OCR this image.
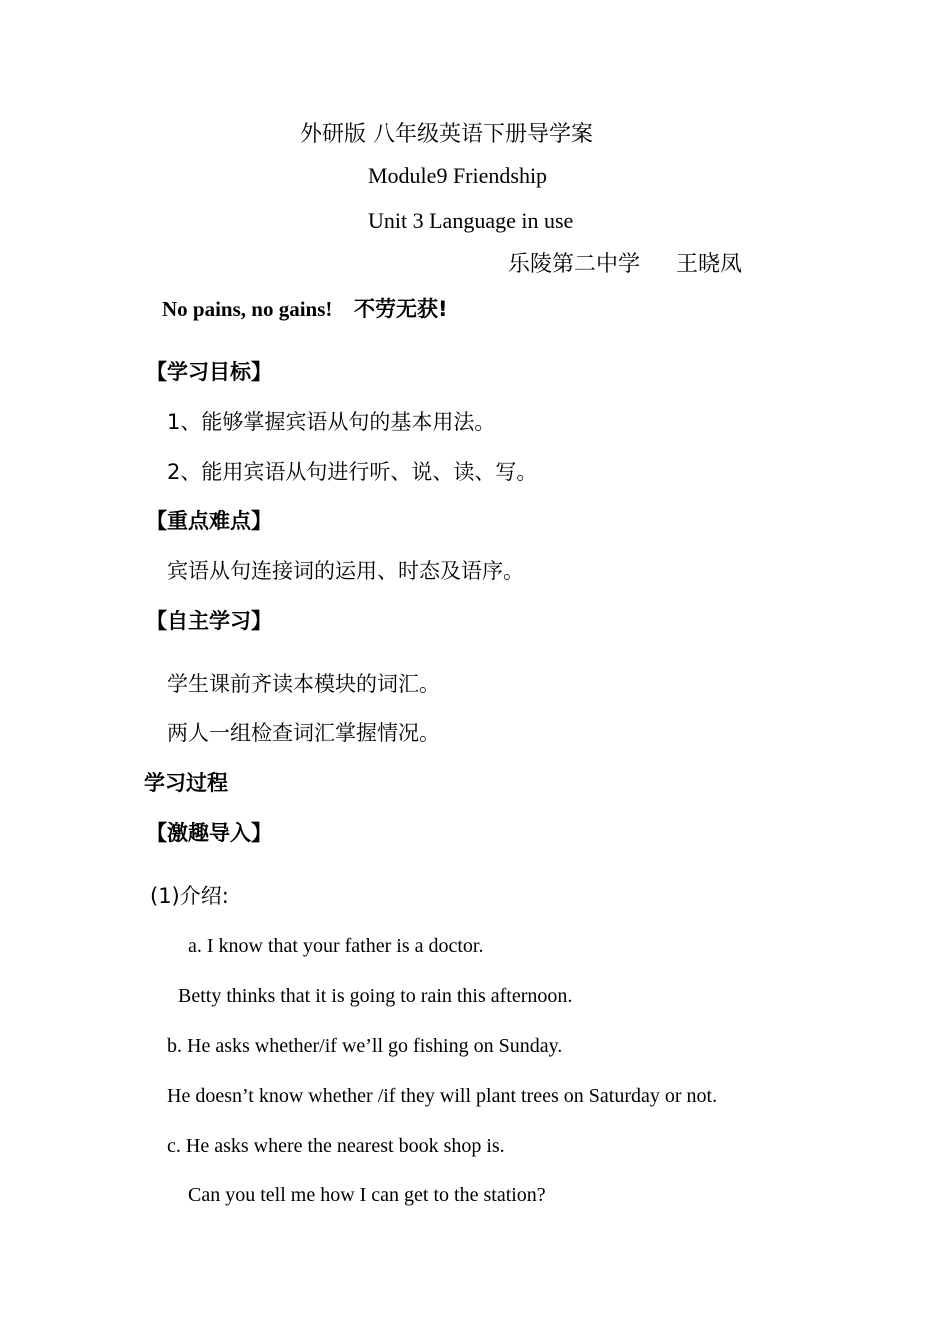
外研版 八年级英语下册导学案
Module9 Friendship
Unit 3 Language in use
乐陵第二中学 王晓凤
No pains, no gains! 不劳无获!
【学习目标】
1、能够掌握宾语从句的基本用法。
2、能用宾语从句进行听、说、读、写。
【重点难点】
宾语从句连接词的运用、时态及语序。
【自主学习】
学生课前齐读本模块的词汇。
两人一组检查词汇掌握情况。
学习过程
【激趣导入】
(1)介绍:
a. I know that your father is a doctor.
Betty thinks that it is going to rain this afternoon.
b. He asks whether/if we’ll go fishing on Sunday.
He doesn’t know whether /if they will plant trees on Saturday or not.
c. He asks where the nearest book shop is.
Can you tell me how I can get to the station?
